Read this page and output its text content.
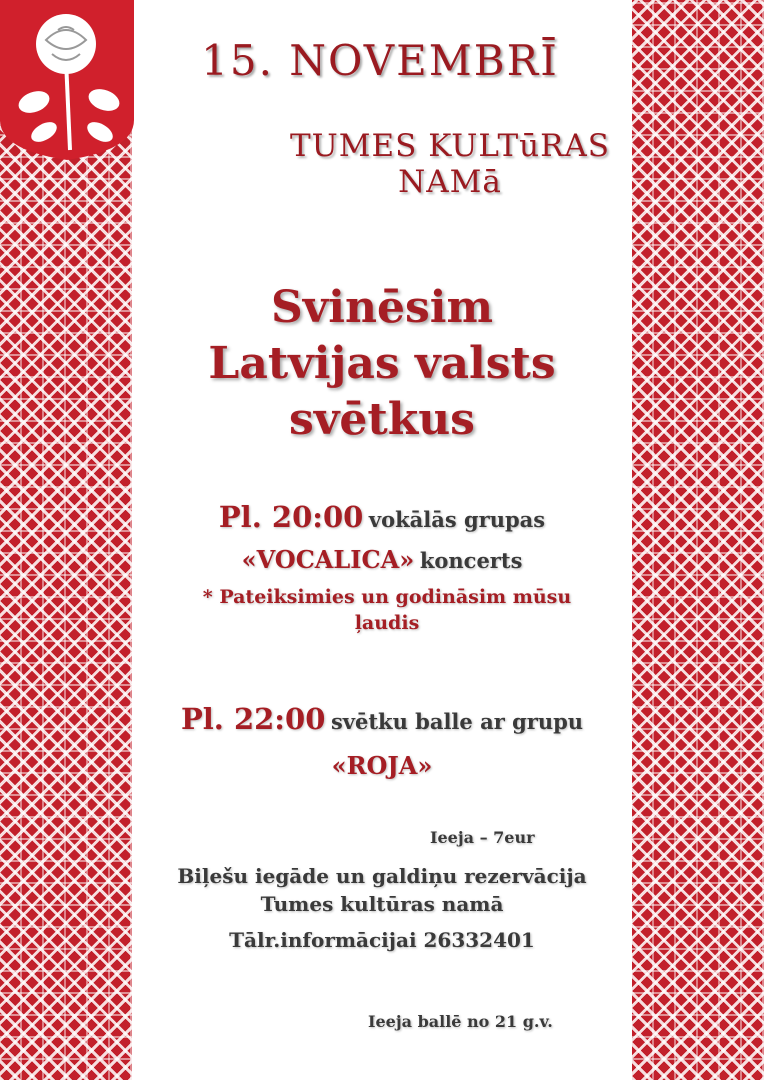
15. NOVEMBRĪ
TUMES KULTūRAS
NAMā
Svinēsim
Latvijas valsts
svētkus
Pl. 20:00 vokālās grupas
«VOCALICA» koncerts
* Pateiksimies un godināsim mūsu
ļaudis
Pl. 22:00 svētku balle ar grupu
«ROJA»
Ieeja – 7eur
Biļešu iegāde un galdiņu rezervācija
Tumes kultūras namā
Tālr.informācijai 26332401
Ieeja ballē no 21 g.v.
